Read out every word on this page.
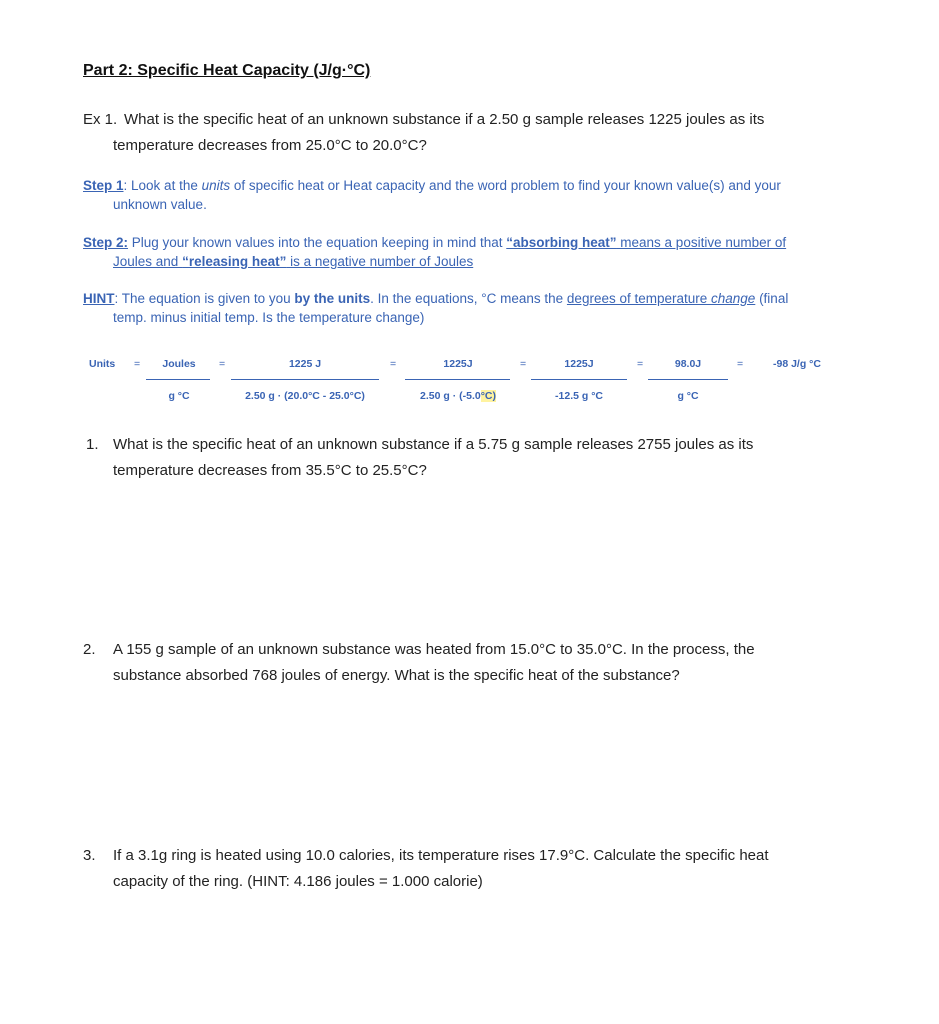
Part 2: Specific Heat Capacity (J/g·°C)
Ex 1. What is the specific heat of an unknown substance if a 2.50 g sample releases 1225 joules as its
temperature decreases from 25.0°C to 20.0°C?
Step 1: Look at the units of specific heat or Heat capacity and the word problem to find your known value(s) and your
unknown value.
Step 2: Plug your known values into the equation keeping in mind that “absorbing heat” means a positive number of
Joules and “releasing heat” is a negative number of Joules
HINT: The equation is given to you by the units. In the equations, °C means the degrees of temperature change (final
temp. minus initial temp. Is the temperature change)
Units = Joules
g °C
=	1225 J
2.50 g · (20.0°C - 25.0°C)
=	1225J
2.50 g · (-5.0°C)
=	1225J
-12.5 g °C
=	98.0J
g °C
=	-98 J/g °C
1. What is the specific heat of an unknown substance if a 5.75 g sample releases 2755 joules as its
temperature decreases from 35.5°C to 25.5°C?
2. A 155 g sample of an unknown substance was heated from 15.0°C to 35.0°C. In the process, the
substance absorbed 768 joules of energy. What is the specific heat of the substance?
3. If a 3.1g ring is heated using 10.0 calories, its temperature rises 17.9°C. Calculate the specific heat
capacity of the ring. (HINT: 4.186 joules = 1.000 calorie)
